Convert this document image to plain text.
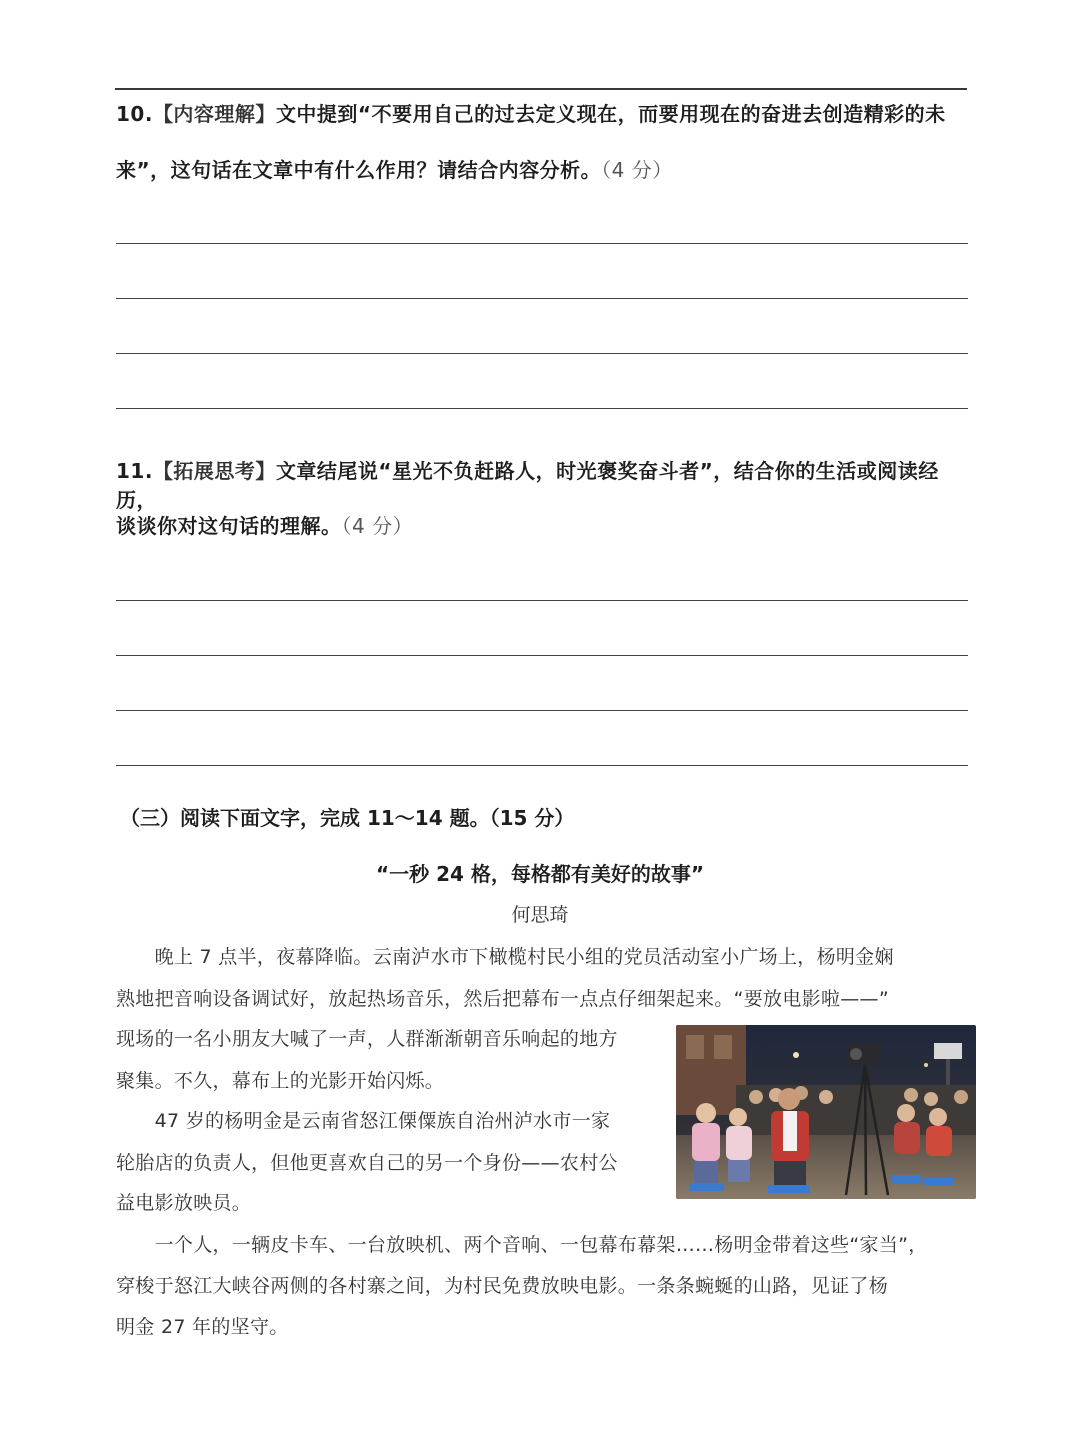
10.【内容理解】文中提到“不要用自己的过去定义现在，而要用现在的奋进去创造精彩的未
来”，这句话在文章中有什么作用？请结合内容分析。（4 分）
11.【拓展思考】文章结尾说“星光不负赶路人，时光褒奖奋斗者”，结合你的生活或阅读经历，
谈谈你对这句话的理解。（4 分）
（三）阅读下面文字，完成 11～14 题。（15 分）
“一秒 24 格，每格都有美好的故事”
何思琦
　　晚上 7 点半，夜幕降临。云南泸水市下橄榄村民小组的党员活动室小广场上，杨明金娴
熟地把音响设备调试好，放起热场音乐，然后把幕布一点点仔细架起来。“要放电影啦——”
现场的一名小朋友大喊了一声，人群渐渐朝音乐响起的地方
聚集。不久，幕布上的光影开始闪烁。
　　47 岁的杨明金是云南省怒江傈僳族自治州泸水市一家
轮胎店的负责人，但他更喜欢自己的另一个身份——农村公
益电影放映员。
　　一个人，一辆皮卡车、一台放映机、两个音响、一包幕布幕架……杨明金带着这些“家当”，
穿梭于怒江大峡谷两侧的各村寨之间，为村民免费放映电影。一条条蜿蜒的山路，见证了杨
明金 27 年的坚守。
